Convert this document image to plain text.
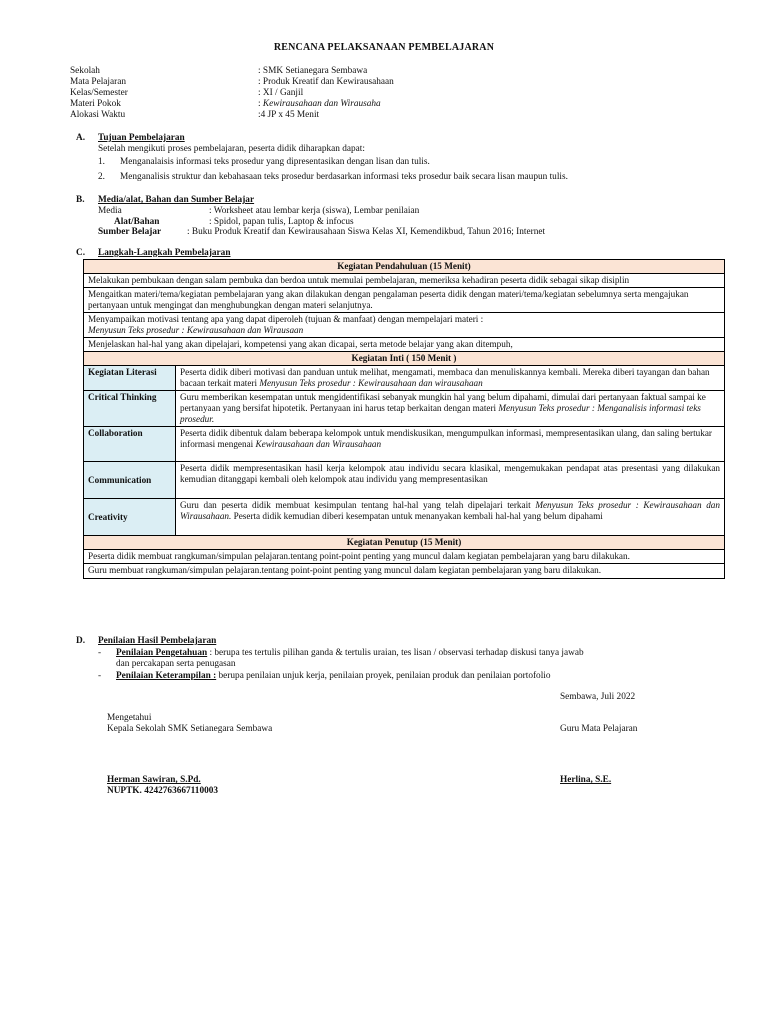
RENCANA PELAKSANAAN PEMBELAJARAN
Sekolah	: SMK Setianegara Sembawa
Mata Pelajaran	: Produk Kreatif dan Kewirausahaan
Kelas/Semester	: XI / Ganjil
Materi Pokok	: Kewirausahaan dan Wirausaha
Alokasi Waktu	:4 JP x 45 Menit
A. Tujuan Pembelajaran
Setelah mengikuti proses pembelajaran, peserta didik diharapkan dapat:
1. Menganalaisis informasi teks prosedur yang dipresentasikan dengan lisan dan tulis.
2. Menganalisis struktur dan kebahasaan teks prosedur berdasarkan informasi teks prosedur baik secara lisan maupun tulis.
B. Media/alat, Bahan dan Sumber Belajar
Media	: Worksheet atau lembar kerja (siswa), Lembar penilaian
Alat/Bahan	: Spidol, papan tulis, Laptop & infocus
Sumber Belajar	: Buku Produk Kreatif dan Kewirausahaan Siswa Kelas XI, Kemendikbud, Tahun 2016; Internet
C. Langkah-Langkah Pembelajaran
Kegiatan Pendahuluan (15 Menit)	
Melakukan pembukaan dengan salam pembuka dan berdoa untuk memulai pembelajaran, memeriksa kehadiran peserta didik sebagai sikap disiplin	
Mengaitkan materi/tema/kegiatan pembelajaran yang akan dilakukan dengan pengalaman peserta didik dengan materi/tema/kegiatan sebelumnya serta mengajukan pertanyaan untuk mengingat dan menghubungkan dengan materi selanjutnya.	
Menyampaikan motivasi tentang apa yang dapat diperoleh (tujuan & manfaat) dengan mempelajari materi :
Menyusun Teks prosedur : Kewirausahaan dan Wirausaan	
Menjelaskan hal-hal yang akan dipelajari, kompetensi yang akan dicapai, serta metode belajar yang akan ditempuh,	
Kegiatan Inti ( 150 Menit )	
Kegiatan Literasi	Peserta didik diberi motivasi dan panduan untuk melihat, mengamati, membaca dan menuliskannya kembali. Mereka diberi tayangan dan bahan bacaan terkait materi Menyusun Teks prosedur : Kewirausahaan dan wirausahaan
Critical Thinking	Guru memberikan kesempatan untuk mengidentifikasi sebanyak mungkin hal yang belum dipahami, dimulai dari pertanyaan faktual sampai ke pertanyaan yang bersifat hipotetik. Pertanyaan ini harus tetap berkaitan dengan materi Menyusun Teks prosedur : Menganalisis informasi teks prosedur.
Collaboration	Peserta didik dibentuk dalam beberapa kelompok untuk mendiskusikan, mengumpulkan informasi, mempresentasikan ulang, dan saling bertukar informasi mengenai Kewirausahaan dan Wirausahaan
Communication	Peserta didik mempresentasikan hasil kerja kelompok atau individu secara klasikal, mengemukakan pendapat atas presentasi yang dilakukan kemudian ditanggapi kembali oleh kelompok atau individu yang mempresentasikan
Creativity	Guru dan peserta didik membuat kesimpulan tentang hal-hal yang telah dipelajari terkait Menyusun Teks prosedur : Kewirausahaan dan Wirausahaan. Peserta didik kemudian diberi kesempatan untuk menanyakan kembali hal-hal yang belum dipahami
Kegiatan Penutup (15 Menit)	
Peserta didik membuat rangkuman/simpulan pelajaran.tentang point-point penting yang muncul dalam kegiatan pembelajaran yang baru dilakukan.	
Guru membuat rangkuman/simpulan pelajaran.tentang point-point penting yang muncul dalam kegiatan pembelajaran yang baru dilakukan.	
D. Penilaian Hasil Pembelajaran
- Penilaian Pengetahuan : berupa tes tertulis pilihan ganda & tertulis uraian, tes lisan / observasi terhadap diskusi tanya jawab
dan percakapan serta penugasan
- Penilaian Keterampilan : berupa penilaian unjuk kerja, penilaian proyek, penilaian produk dan penilaian portofolio
Sembawa, Juli 2022
Mengetahui
Kepala Sekolah SMK Setianegara Sembawa	Guru Mata Pelajaran
Herman Sawiran, S.Pd.
NUPTK. 4242763667110003
Herlina, S.E.
